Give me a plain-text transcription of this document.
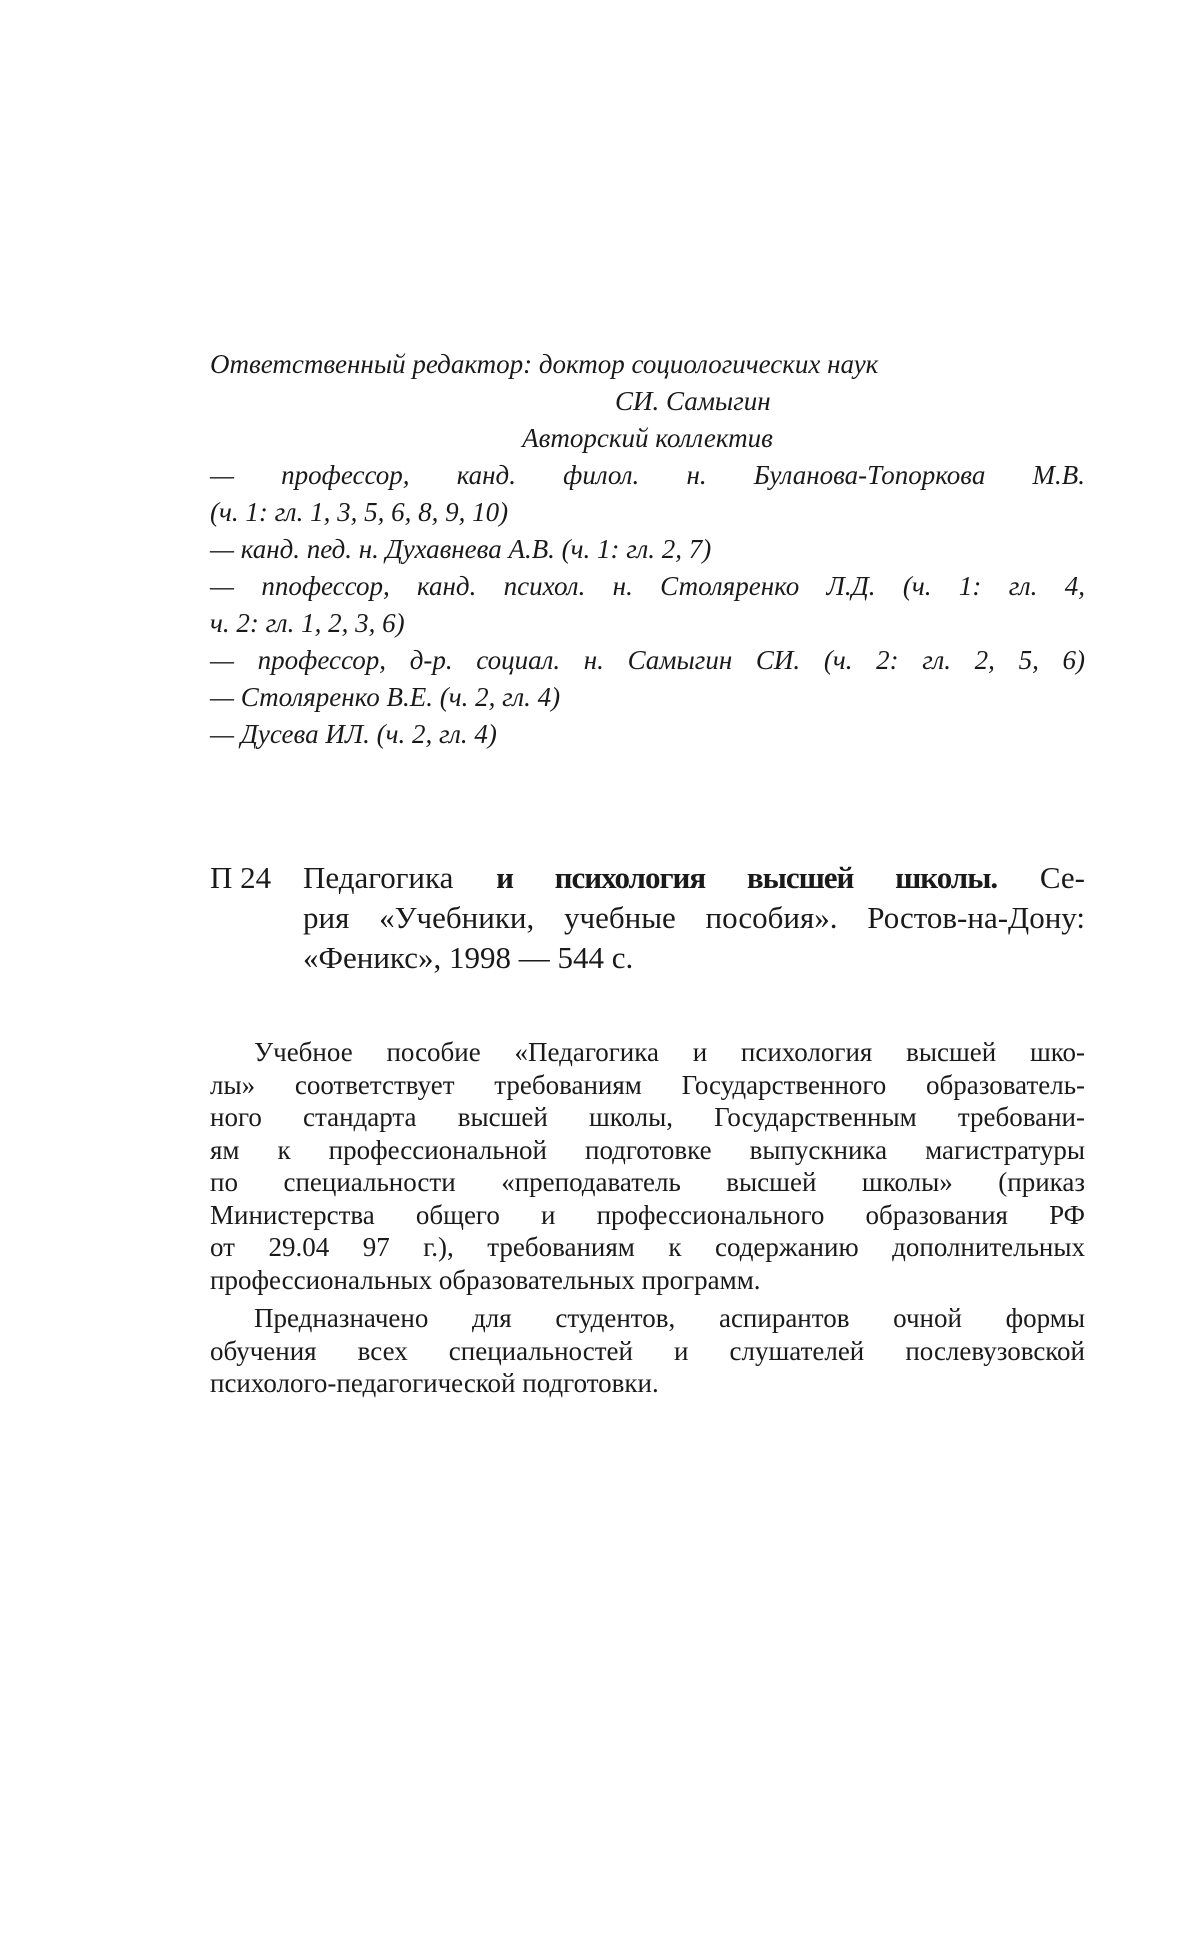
Ответственный редактор: доктор социологических наук
СИ. Самыгин
Авторский коллектив
— профессор, канд. филол. н. Буланова-Топоркова М.В.
(ч. 1: гл. 1, 3, 5, 6, 8, 9, 10)
— канд. пед. н. Духавнева А.В. (ч. 1: гл. 2, 7)
— ппофессор, канд. психол. н. Столяренко Л.Д. (ч. 1: гл. 4,
ч. 2: гл. 1, 2, 3, 6)
— профессор, д-р. социал. н. Самыгин СИ. (ч. 2: гл. 2, 5, 6)
— Столяренко В.Е. (ч. 2, гл. 4)
— Дусева ИЛ. (ч. 2, гл. 4)
П 24	Педагогика и психология высшей школы. Се-
рия «Учебники, учебные пособия». Ростов-на-Дону:
«Феникс», 1998 — 544 с.
Учебное пособие «Педагогика и психология высшей шко-
лы» соответствует требованиям Государственного образователь-
ного стандарта высшей школы, Государственным требовани-
ям к профессиональной подготовке выпускника магистратуры
по специальности «преподаватель высшей школы» (приказ
Министерства общего и профессионального образования РФ
от 29.04 97 г.), требованиям к содержанию дополнительных
профессиональных образовательных программ.
Предназначено для студентов, аспирантов очной формы
обучения всех специальностей и слушателей послевузовской
психолого-педагогической подготовки.
